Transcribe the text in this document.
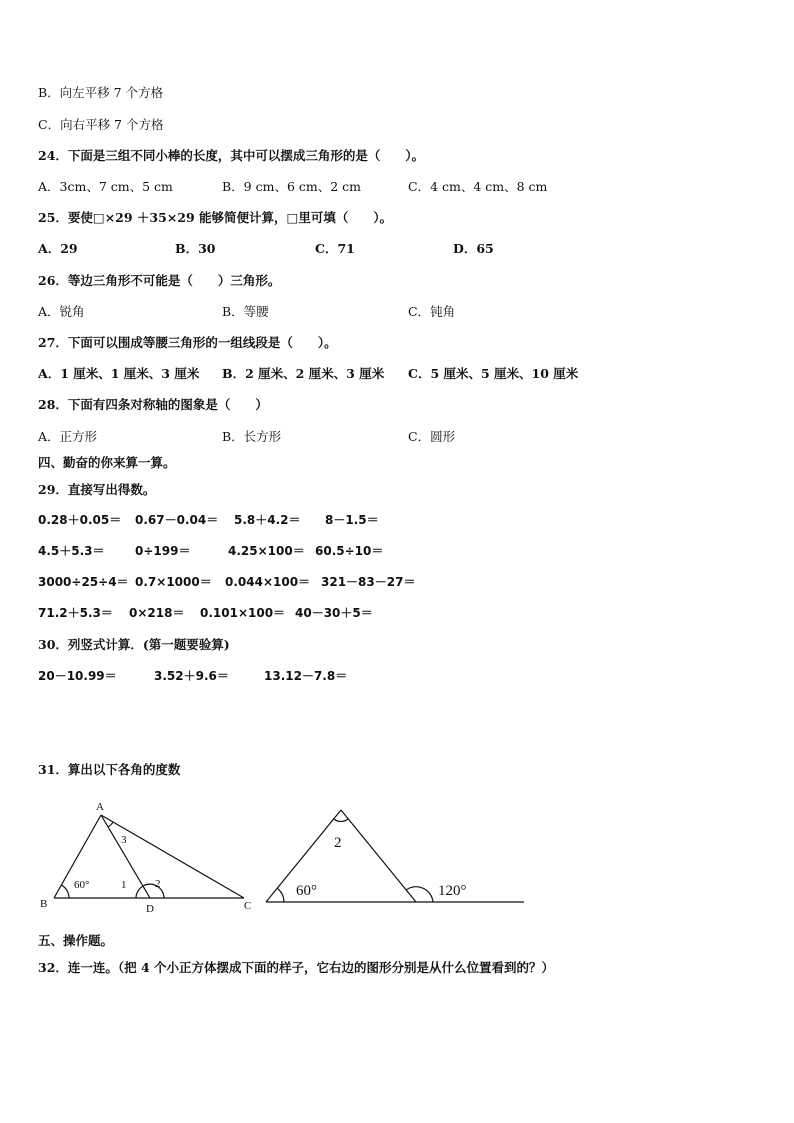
B．向左平移 7 个方格
C．向右平移 7 个方格
24．下面是三组不同小棒的长度，其中可以摆成三角形的是（　　）。
A．3cm、7 cm、5 cm	B．9 cm、6 cm、2 cm	C．4 cm、4 cm、8 cm
25．要使□×29 ＋35×29 能够简便计算，□里可填（　　）。
A．29	B．30	C．71	D．65
26．等边三角形不可能是（　　）三角形。
A．锐角	B．等腰	C．钝角
27．下面可以围成等腰三角形的一组线段是（　　）。
A．1 厘米、1 厘米、3 厘米 B．2 厘米、2 厘米、3 厘米 C．5 厘米、5 厘米、10 厘米
28．下面有四条对称轴的图象是（　　）
A．正方形	B．长方形	C．圆形
四、勤奋的你来算一算。
29．直接写出得数。
0.28＋0.05＝ 0.67－0.04＝ 5.8＋4.2＝ 8－1.5＝
4.5＋5.3＝	0÷199＝	4.25×100＝ 60.5÷10＝
3000÷25÷4＝ 0.7×1000＝ 0.044×100＝ 321－83－27＝
71.2＋5.3＝ 0×218＝ 0.101×100＝ 40－30＋5＝
30．列竖式计算．(第一题要验算)
20－10.99＝	3.52＋9.6＝	13.12－7.8＝
31．算出以下各角的度数
A
B	C
D
60°	1	2
3	2
60°	120°
五、操作题。
32．连一连。（把 4 个小正方体摆成下面的样子，它右边的图形分别是从什么位置看到的？）
